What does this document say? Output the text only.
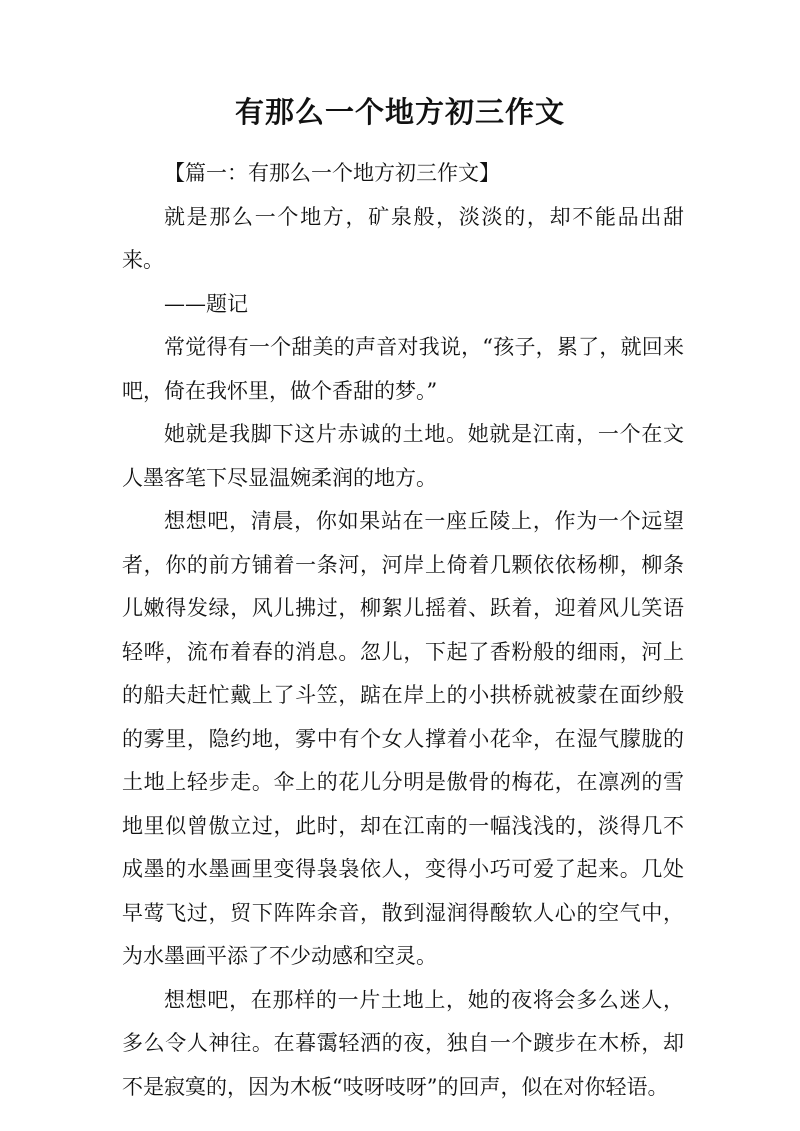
有那么一个地方初三作文

【篇一：有那么一个地方初三作文】

就是那么一个地方，矿泉般，淡淡的，却不能品出甜来。

——题记

常觉得有一个甜美的声音对我说，“孩子，累了，就回来吧，倚在我怀里，做个香甜的梦。”

她就是我脚下这片赤诚的土地。她就是江南，一个在文人墨客笔下尽显温婉柔润的地方。

想想吧，清晨，你如果站在一座丘陵上，作为一个远望者，你的前方铺着一条河，河岸上倚着几颗依依杨柳，柳条儿嫩得发绿，风儿拂过，柳絮儿摇着、跃着，迎着风儿笑语轻哗，流布着春的消息。忽儿，下起了香粉般的细雨，河上的船夫赶忙戴上了斗笠，踮在岸上的小拱桥就被蒙在面纱般的雾里，隐约地，雾中有个女人撑着小花伞，在湿气朦胧的土地上轻步走。伞上的花儿分明是傲骨的梅花，在凛冽的雪地里似曾傲立过，此时，却在江南的一幅浅浅的，淡得几不成墨的水墨画里变得袅袅依人，变得小巧可爱了起来。几处早莺飞过，贸下阵阵余音，散到湿润得酸软人心的空气中，为水墨画平添了不少动感和空灵。

想想吧，在那样的一片土地上，她的夜将会多么迷人，多么令人神往。在暮霭轻洒的夜，独自一个踱步在木桥，却不是寂寞的，因为木板“吱呀吱呀”的回声，似在对你轻语。
